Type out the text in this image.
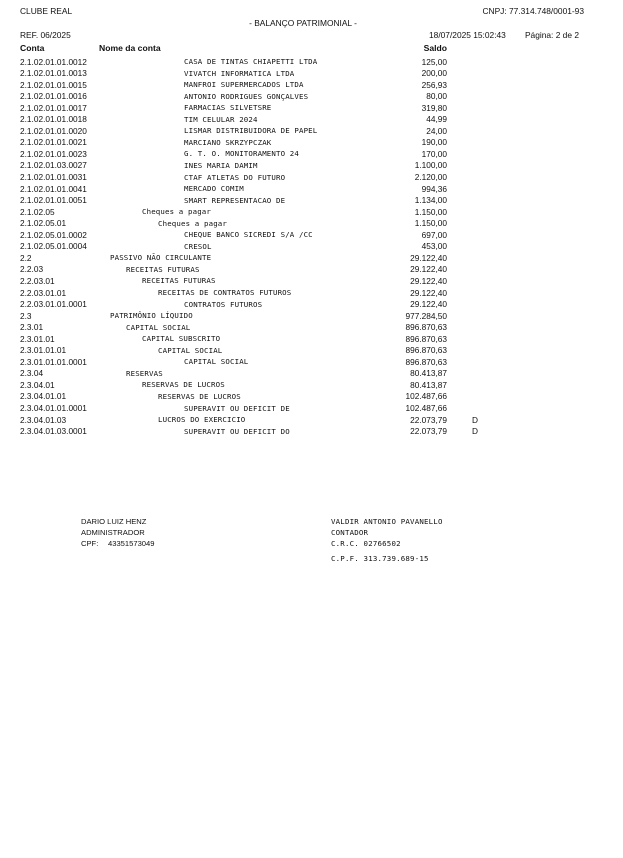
CLUBE REAL	CNPJ: 77.314.748/0001-93
- BALANÇO PATRIMONIAL -
REF. 06/2025	18/07/2025 15:02:43 Página: 2 de 2
Conta	Nome da conta	Saldo
2.1.02.01.01.0012	CASA DE TINTAS CHIAPETTI LTDA	125,00
2.1.02.01.01.0013	VIVATCH INFORMATICA LTDA	200,00
2.1.02.01.01.0015	MANFROI SUPERMERCADOS LTDA	256,93
2.1.02.01.01.0016	ANTONIO RODRIGUES GONÇALVES	80,00
2.1.02.01.01.0017	FARMACIAS SILVETSRE	319,80
2.1.02.01.01.0018	TIM CELULAR 2024	44,99
2.1.02.01.01.0020	LISMAR DISTRIBUIDORA DE PAPEL	24,00
2.1.02.01.01.0021	MARCIANO SKRZYPCZAK	190,00
2.1.02.01.01.0023	G. T. O. MONITORAMENTO 24	170,00
2.1.02.01.03.0027	INES MARIA DAMIM	1.100,00
2.1.02.01.01.0031	CTAF ATLETAS DO FUTURO	2.120,00
2.1.02.01.01.0041	MERCADO COMIM	994,36
2.1.02.01.01.0051	SMART REPRESENTACAO DE	1.134,00
2.1.02.05	Cheques a pagar	1.150,00
2.1.02.05.01	Cheques a pagar	1.150,00
2.1.02.05.01.0002	CHEQUE BANCO SICREDI S/A /CC	697,00
2.1.02.05.01.0004	CRESOL	453,00
2.2	PASSIVO NÃO CIRCULANTE	29.122,40
2.2.03	RECEITAS FUTURAS	29.122,40
2.2.03.01	RECEITAS FUTURAS	29.122,40
2.2.03.01.01	RECEITAS DE CONTRATOS FUTUROS	29.122,40
2.2.03.01.01.0001	CONTRATOS FUTUROS	29.122,40
2.3	PATRIMÔNIO LÍQUIDO	977.284,50
2.3.01	CAPITAL SOCIAL	896.870,63
2.3.01.01	CAPITAL SUBSCRITO	896.870,63
2.3.01.01.01	CAPITAL SOCIAL	896.870,63
2.3.01.01.01.0001	CAPITAL SOCIAL	896.870,63
2.3.04	RESERVAS	80.413,87
2.3.04.01	RESERVAS DE LUCROS	80.413,87
2.3.04.01.01	RESERVAS DE LUCROS	102.487,66
2.3.04.01.01.0001	SUPERAVIT OU DEFICIT DE	102.487,66
2.3.04.01.03	LUCROS DO EXERCICIO	22.073,79	D
2.3.04.01.03.0001	SUPERAVIT OU DEFICIT DO	22.073,79	D
DARIO LUIZ HENZ
ADMINISTRADOR
CPF: 43351573049
VALDIR ANTONIO PAVANELLO
CONTADOR
C.R.C. 02766502
C.P.F. 313.739.689-15
